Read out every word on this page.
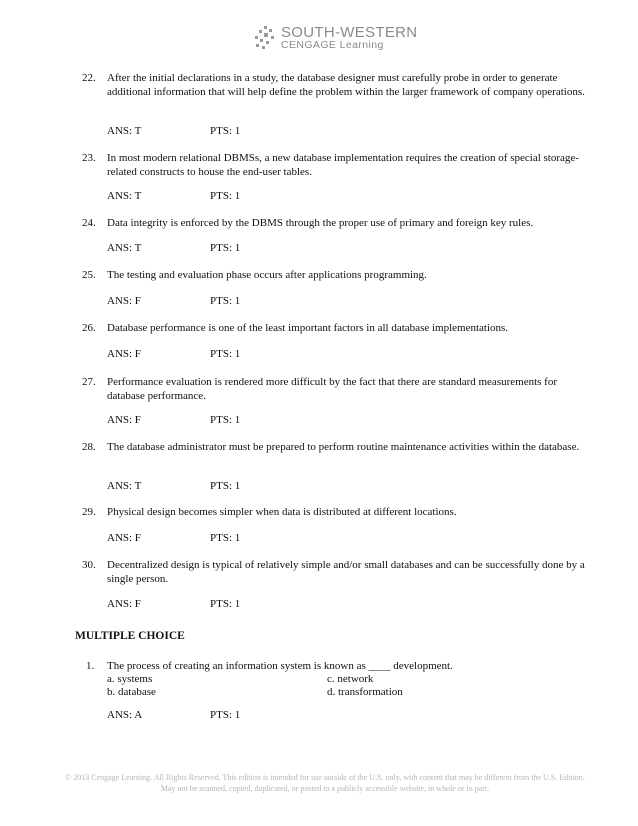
SOUTH-WESTERN
CENGAGE Learning
22.	After the initial declarations in a study, the database designer must carefully probe in order to generate additional information that will help define the problem within the larger framework of company operations.
ANS: T	PTS: 1
23.	In most modern relational DBMSs, a new database implementation requires the creation of special storage-related constructs to house the end-user tables.
ANS: T	PTS: 1
24.	Data integrity is enforced by the DBMS through the proper use of primary and foreign key rules.
ANS: T	PTS: 1
25.	The testing and evaluation phase occurs after applications programming.
ANS: F	PTS: 1
26.	Database performance is one of the least important factors in all database implementations.
ANS: F	PTS: 1
27.	Performance evaluation is rendered more difficult by the fact that there are standard measurements for database performance.
ANS: F	PTS: 1
28.	The database administrator must be prepared to perform routine maintenance activities within the database.
ANS: T	PTS: 1
29.	Physical design becomes simpler when data is distributed at different locations.
ANS: F	PTS: 1
30.	Decentralized design is typical of relatively simple and/or small databases and can be successfully done by a single person.
ANS: F	PTS: 1
MULTIPLE CHOICE
1.	The process of creating an information system is known as ____ development.
a. systems	c. network
b. database	d. transformation
ANS: A	PTS: 1
© 2013 Cengage Learning. All Rights Reserved. This edition is intended for use outside of the U.S. only, with content that may be different from the U.S. Edition. May not be scanned, copied, duplicated, or posted to a publicly accessible website, in whole or in part.
